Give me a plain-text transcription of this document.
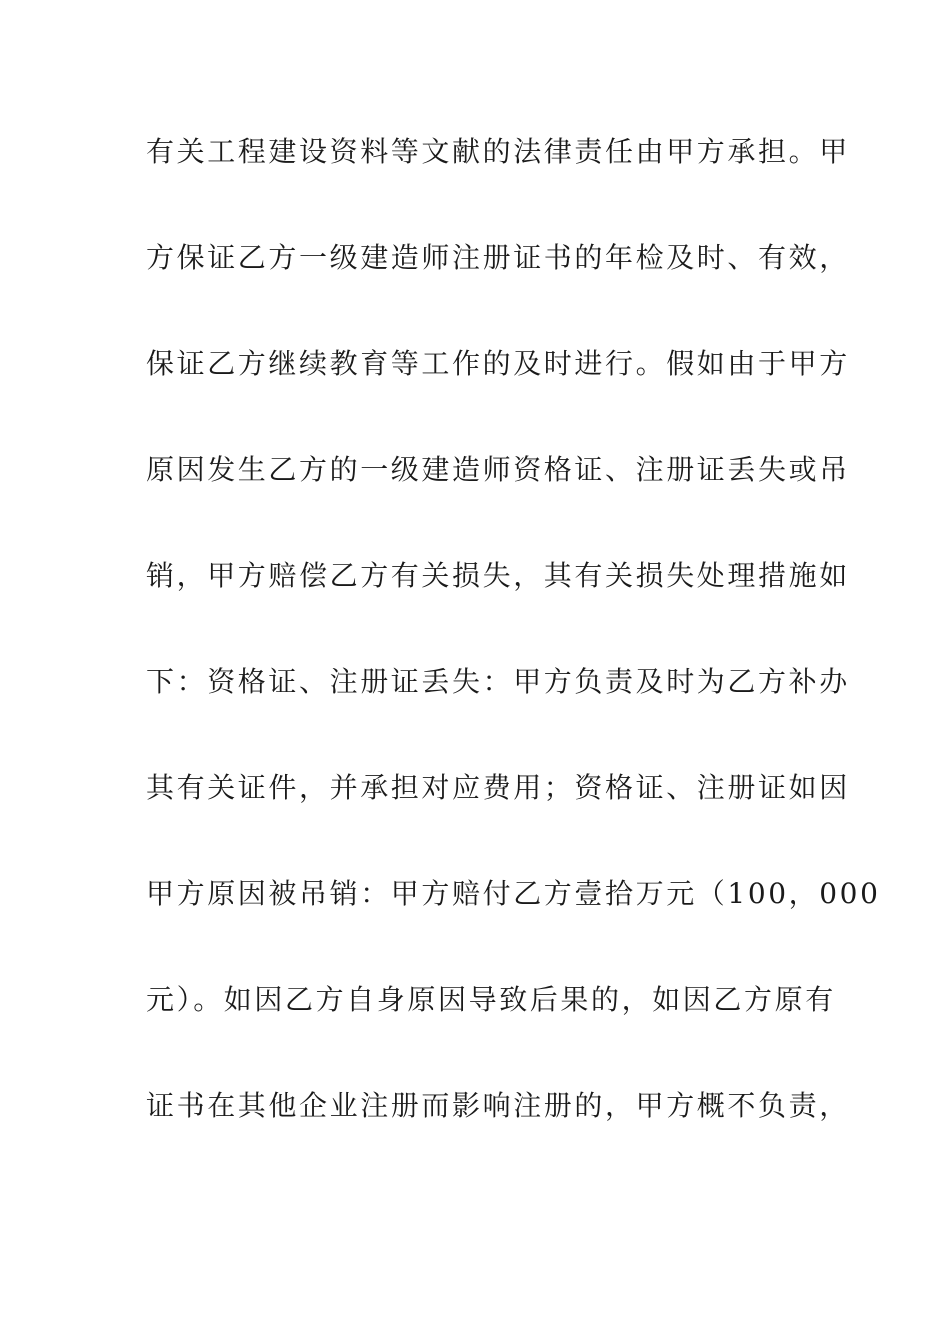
有关工程建设资料等文献的法律责任由甲方承担。甲
方保证乙方一级建造师注册证书的年检及时、有效，
保证乙方继续教育等工作的及时进行。假如由于甲方
原因发生乙方的一级建造师资格证、注册证丢失或吊
销，甲方赔偿乙方有关损失，其有关损失处理措施如
下：资格证、注册证丢失：甲方负责及时为乙方补办
其有关证件，并承担对应费用；资格证、注册证如因
甲方原因被吊销：甲方赔付乙方壹拾万元（100，000
元）。如因乙方自身原因导致后果的，如因乙方原有
证书在其他企业注册而影响注册的，甲方概不负责，
